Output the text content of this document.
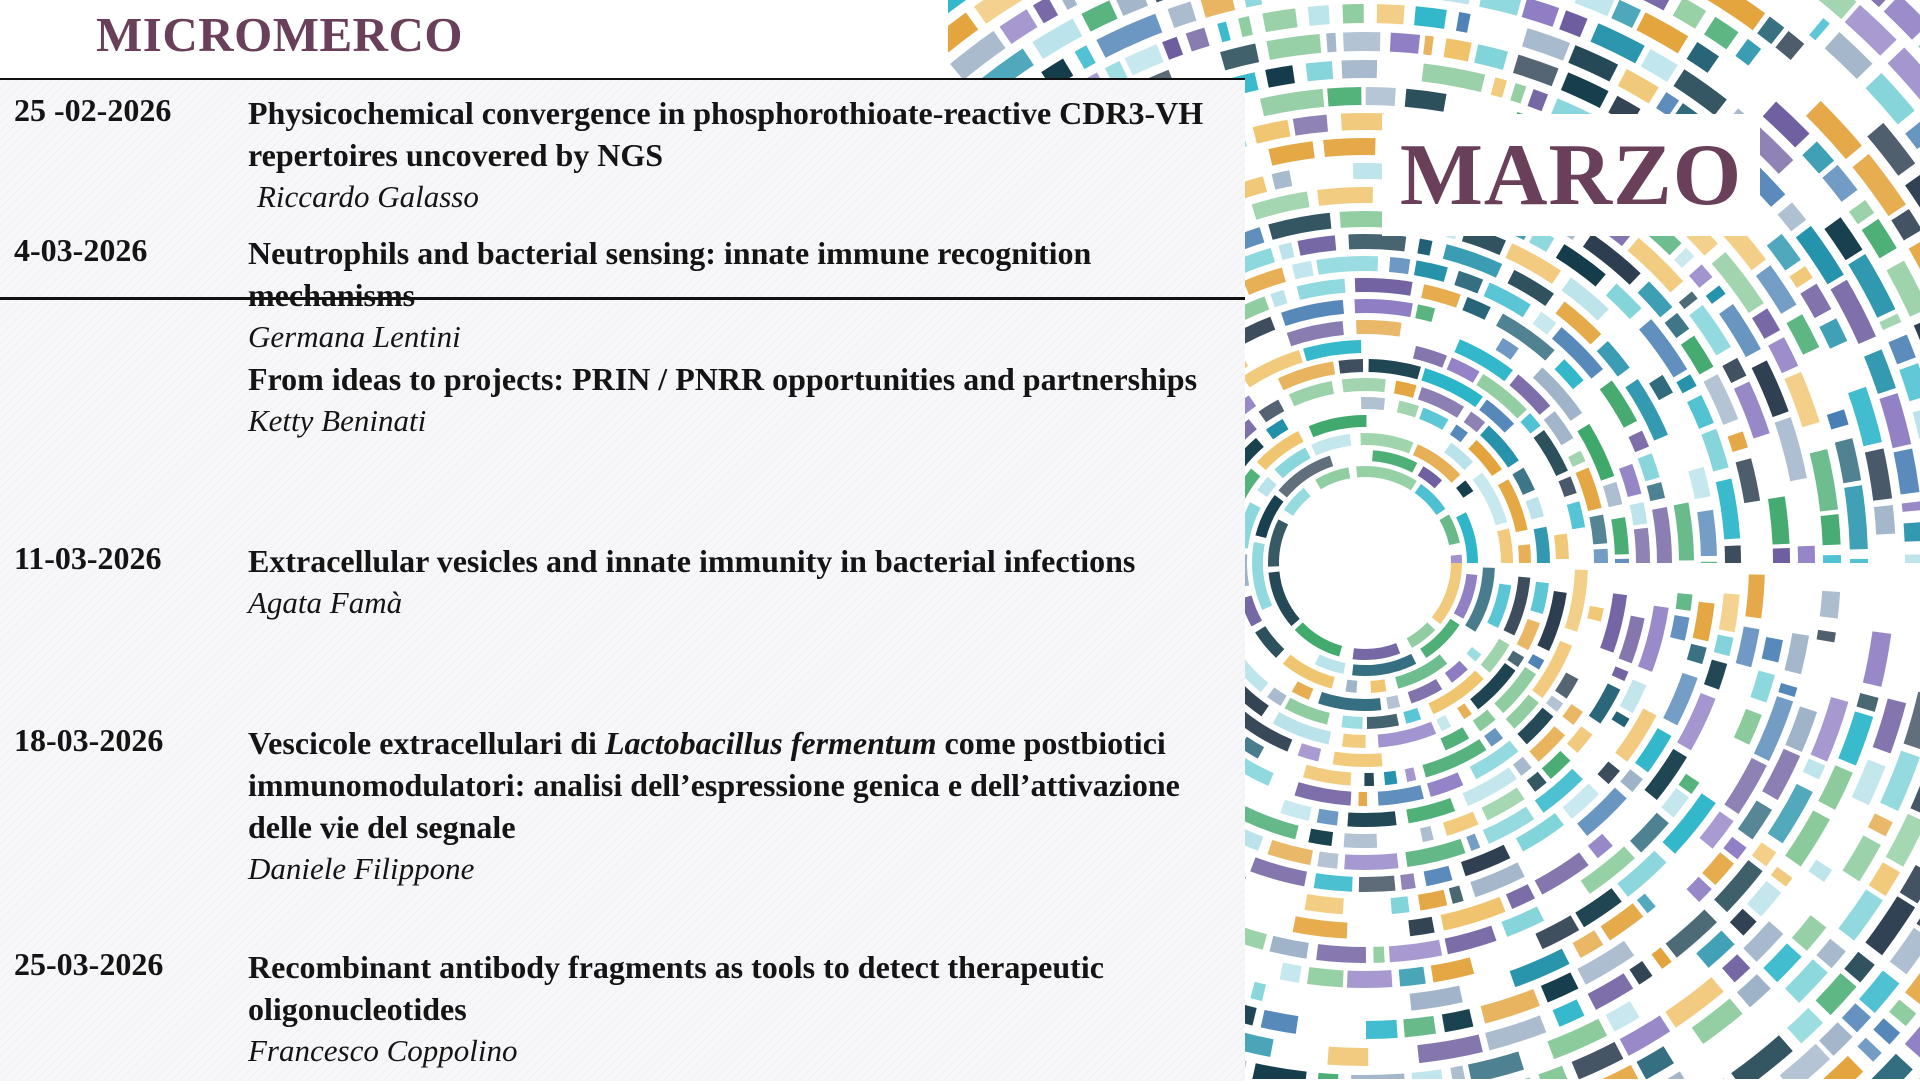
MICROMERCO
25 -02-2026 Physicochemical convergence in phosphorothioate-reactive CDR3-VH repertoires uncovered by NGS
Riccardo Galasso
4-03-2026	Neutrophils and bacterial sensing: innate immune recognition mechanisms
Germana Lentini
From ideas to projects: PRIN / PNRR opportunities and partnerships
Ketty Beninati
11-03-2026	Extracellular vesicles and innate immunity in bacterial infections
Agata Famà
18-03-2026	Vescicole extracellulari di Lactobacillus fermentum come postbiotici immunomodulatori: analisi dell’espressione genica e dell’attivazione delle vie del segnale
Daniele Filippone
25-03-2026	Recombinant antibody fragments as tools to detect therapeutic oligonucleotides
Francesco Coppolino
MARZO
